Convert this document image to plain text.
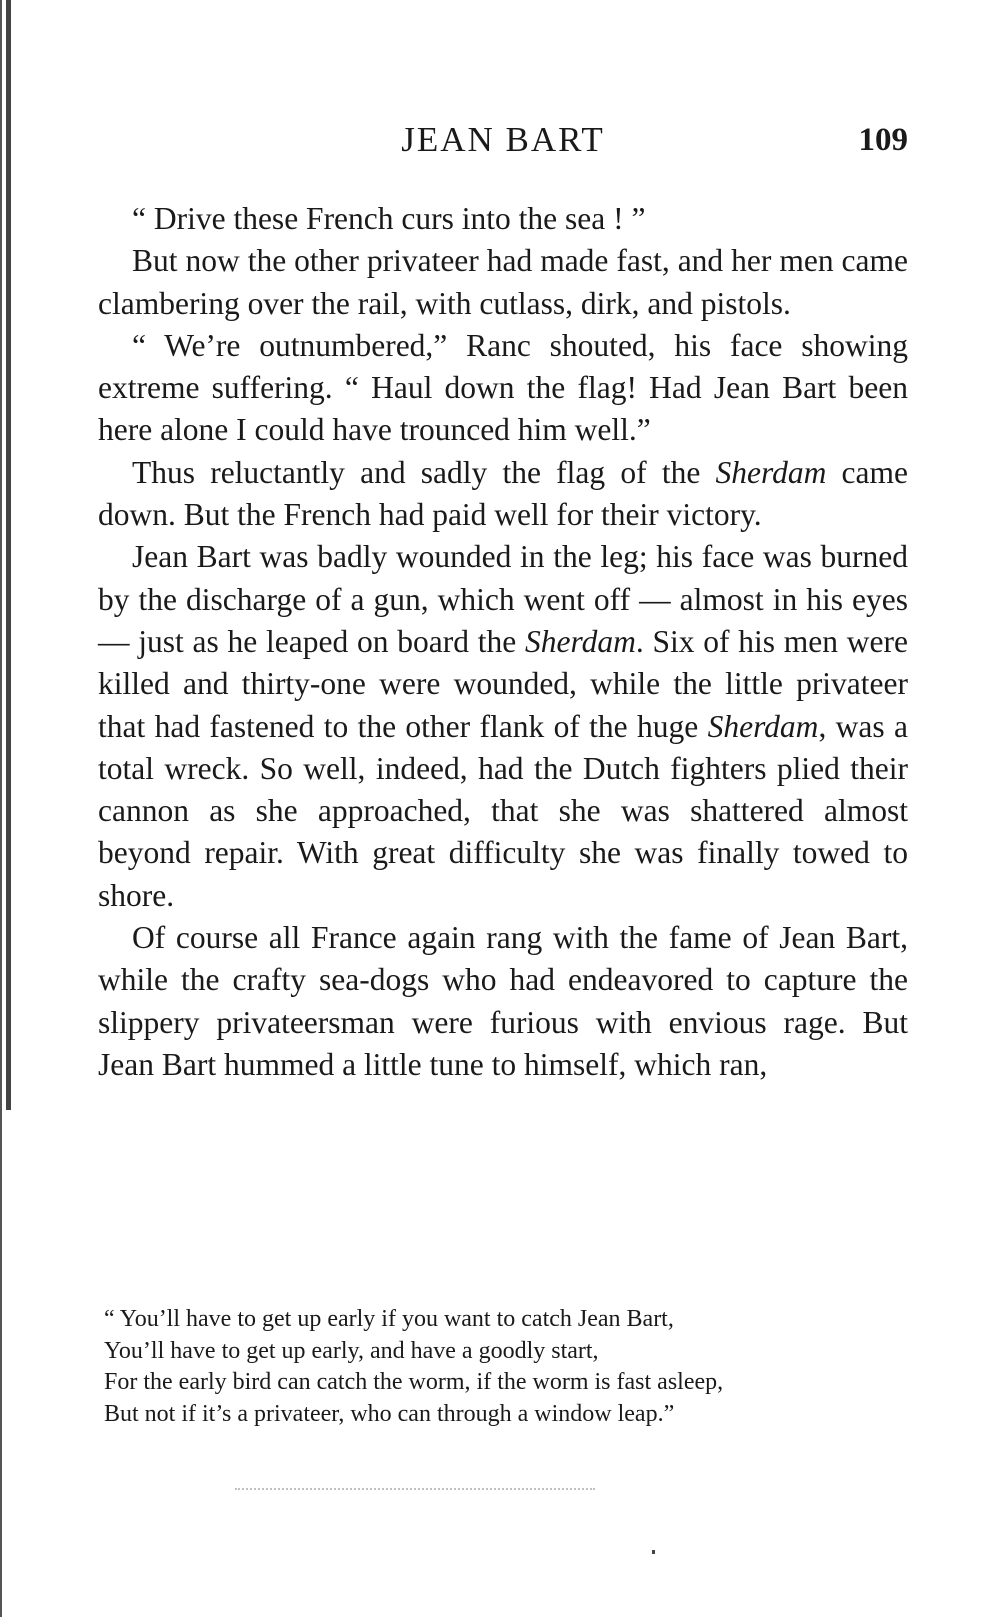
JEAN BART	109

“ Drive these French curs into the sea ! ”

But now the other privateer had made fast, and her men came clambering over the rail, with cutlass, dirk, and pistols.

“ We’re outnumbered,” Ranc shouted, his face showing extreme suffering. “ Haul down the flag! Had Jean Bart been here alone I could have trounced him well.”

Thus reluctantly and sadly the flag of the Sherdam came down. But the French had paid well for their victory.

Jean Bart was badly wounded in the leg; his face was burned by the discharge of a gun, which went off — almost in his eyes — just as he leaped on board the Sherdam. Six of his men were killed and thirty-one were wounded, while the little privateer that had fastened to the other flank of the huge Sherdam, was a total wreck. So well, indeed, had the Dutch fighters plied their cannon as she approached, that she was shattered almost beyond repair. With great difficulty she was finally towed to shore.

Of course all France again rang with the fame of Jean Bart, while the crafty sea-dogs who had endeavored to capture the slippery privateersman were furious with envious rage. But Jean Bart hummed a little tune to himself, which ran,

“ You’ll have to get up early if you want to catch Jean Bart,
You’ll have to get up early, and have a goodly start,
For the early bird can catch the worm, if the worm is fast asleep,
But not if it’s a privateer, who can through a window leap.”
